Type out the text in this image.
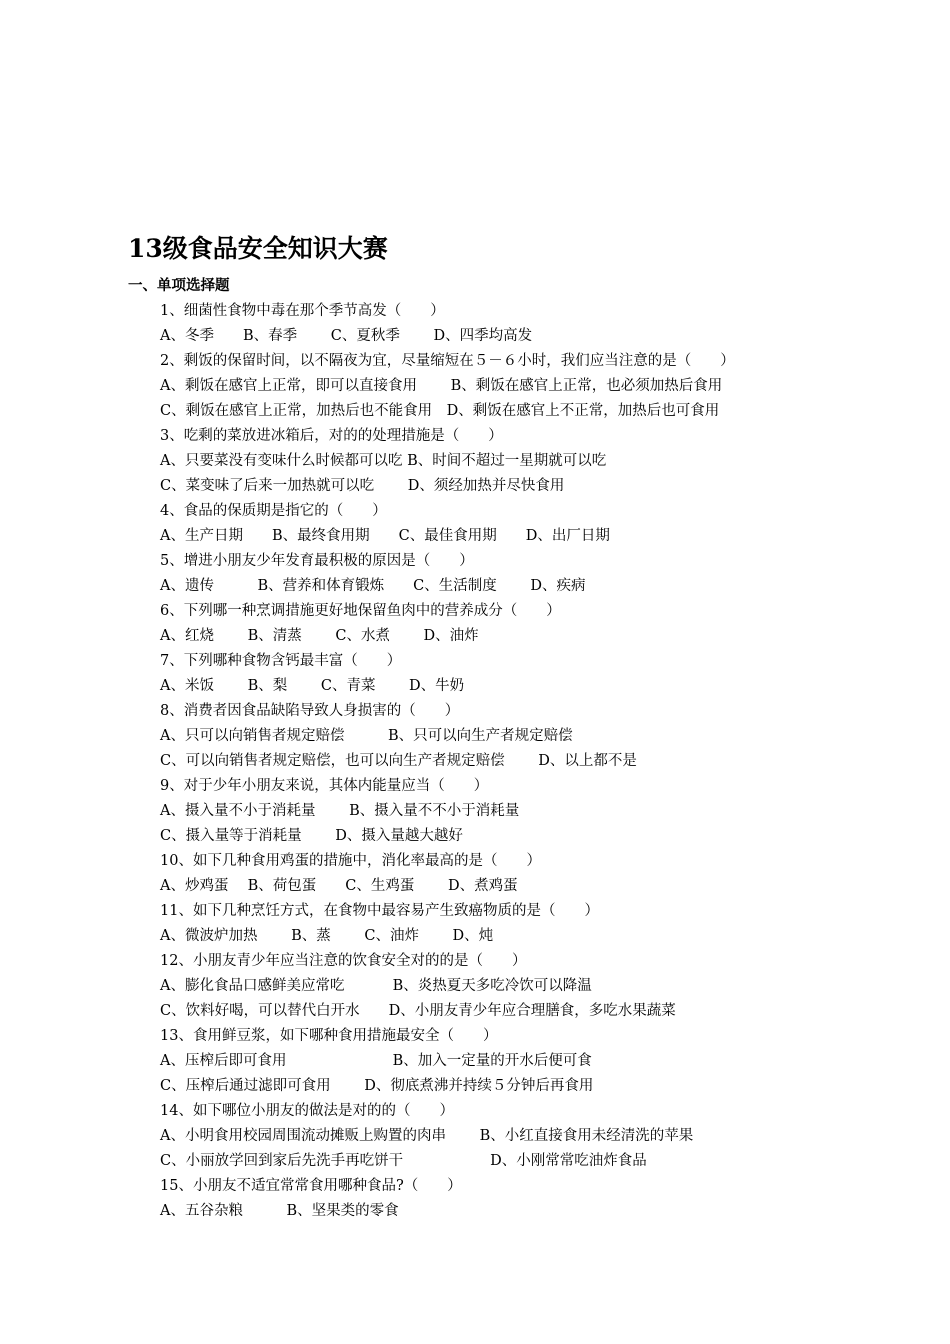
13级食品安全知识大赛
一、单项选择题
1、细菌性食物中毒在那个季节高发（　　）
A、冬季　　B、春季　　 C、夏秋季　　 D、四季均高发
2、剩饭的保留时间，以不隔夜为宜，尽量缩短在５－６小时，我们应当注意的是（　　）
A、剩饭在感官上正常，即可以直接食用　　 B、剩饭在感官上正常，也必须加热后食用
C、剩饭在感官上正常，加热后也不能食用　D、剩饭在感官上不正常，加热后也可食用
3、吃剩的菜放进冰箱后，对的的处理措施是（　　）
A、只要菜没有变味什么时候都可以吃 B、时间不超过一星期就可以吃
C、菜变味了后来一加热就可以吃　　 D、须经加热并尽快食用
4、食品的保质期是指它的（　　）
A、生产日期　　B、最终食用期　　C、最佳食用期　　D、出厂日期
5、增进小朋友少年发育最积极的原因是（　　）
A、遗传　　　B、营养和体育锻炼　　C、生活制度　　 D、疾病
6、下列哪一种烹调措施更好地保留鱼肉中的营养成分（　　）
A、红烧　　 B、清蒸　　 C、水煮　　 D、油炸
7、下列哪种食物含钙最丰富（　　）
A、米饭　　 B、梨　　 C、青菜　　 D、牛奶
8、消费者因食品缺陷导致人身损害的（　　）
A、只可以向销售者规定赔偿　　　B、只可以向生产者规定赔偿
C、可以向销售者规定赔偿，也可以向生产者规定赔偿　　 D、以上都不是
9、对于少年小朋友来说，其体内能量应当（　　）
A、摄入量不小于消耗量　　 B、摄入量不不小于消耗量
C、摄入量等于消耗量　　 D、摄入量越大越好
10、如下几种食用鸡蛋的措施中，消化率最高的是（　　）
A、炒鸡蛋　 B、荷包蛋　　C、生鸡蛋　　 D、煮鸡蛋
11、如下几种烹饪方式，在食物中最容易产生致癌物质的是（　　）
A、微波炉加热　　 B、蒸　　 C、油炸　　 D、炖
12、小朋友青少年应当注意的饮食安全对的的是（　　）
A、膨化食品口感鲜美应常吃　　　 B、炎热夏天多吃冷饮可以降温
C、饮料好喝，可以替代白开水　　D、小朋友青少年应合理膳食，多吃水果蔬菜
13、食用鲜豆浆，如下哪种食用措施最安全（　　）
A、压榨后即可食用　　　　　　　 B、加入一定量的开水后便可食
C、压榨后通过滤即可食用　　 D、彻底煮沸并持续５分钟后再食用
14、如下哪位小朋友的做法是对的的（　　）
A、小明食用校园周围流动摊贩上购置的肉串　　 B、小红直接食用未经清洗的苹果
C、小丽放学回到家后先洗手再吃饼干　　　　　　D、小刚常常吃油炸食品
15、小朋友不适宜常常食用哪种食品?（　　）
A、五谷杂粮　　　B、坚果类的零食
